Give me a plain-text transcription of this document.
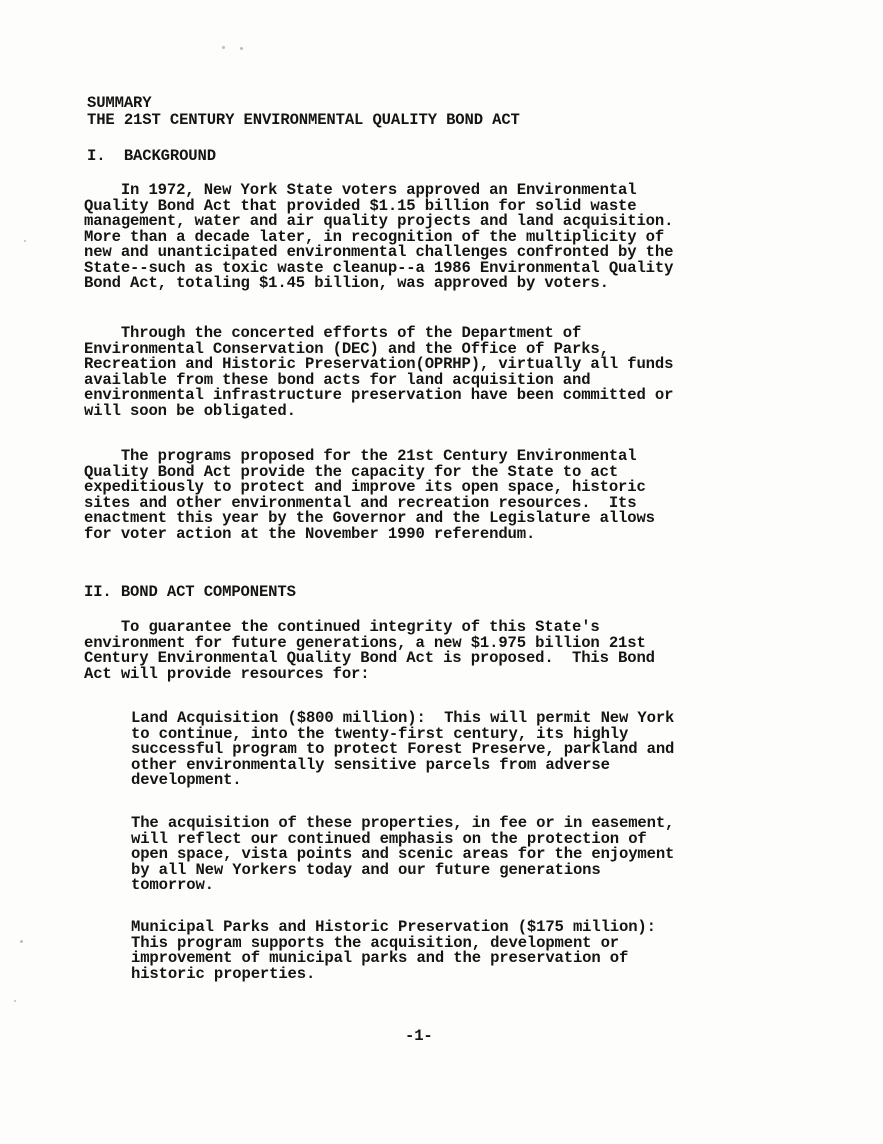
SUMMARY
THE 21ST CENTURY ENVIRONMENTAL QUALITY BOND ACT
I.  BACKGROUND
In 1972, New York State voters approved an Environmental
Quality Bond Act that provided $1.15 billion for solid waste
management, water and air quality projects and land acquisition.
More than a decade later, in recognition of the multiplicity of
new and unanticipated environmental challenges confronted by the
State--such as toxic waste cleanup--a 1986 Environmental Quality
Bond Act, totaling $1.45 billion, was approved by voters.
Through the concerted efforts of the Department of
Environmental Conservation (DEC) and the Office of Parks,
Recreation and Historic Preservation(OPRHP), virtually all funds
available from these bond acts for land acquisition and
environmental infrastructure preservation have been committed or
will soon be obligated.
The programs proposed for the 21st Century Environmental
Quality Bond Act provide the capacity for the State to act
expeditiously to protect and improve its open space, historic
sites and other environmental and recreation resources.  Its
enactment this year by the Governor and the Legislature allows
for voter action at the November 1990 referendum.
II. BOND ACT COMPONENTS
To guarantee the continued integrity of this State's
environment for future generations, a new $1.975 billion 21st
Century Environmental Quality Bond Act is proposed.  This Bond
Act will provide resources for:
Land Acquisition ($800 million):  This will permit New York
to continue, into the twenty-first century, its highly
successful program to protect Forest Preserve, parkland and
other environmentally sensitive parcels from adverse
development.
The acquisition of these properties, in fee or in easement,
will reflect our continued emphasis on the protection of
open space, vista points and scenic areas for the enjoyment
by all New Yorkers today and our future generations
tomorrow.
Municipal Parks and Historic Preservation ($175 million):
This program supports the acquisition, development or
improvement of municipal parks and the preservation of
historic properties.
-1-
